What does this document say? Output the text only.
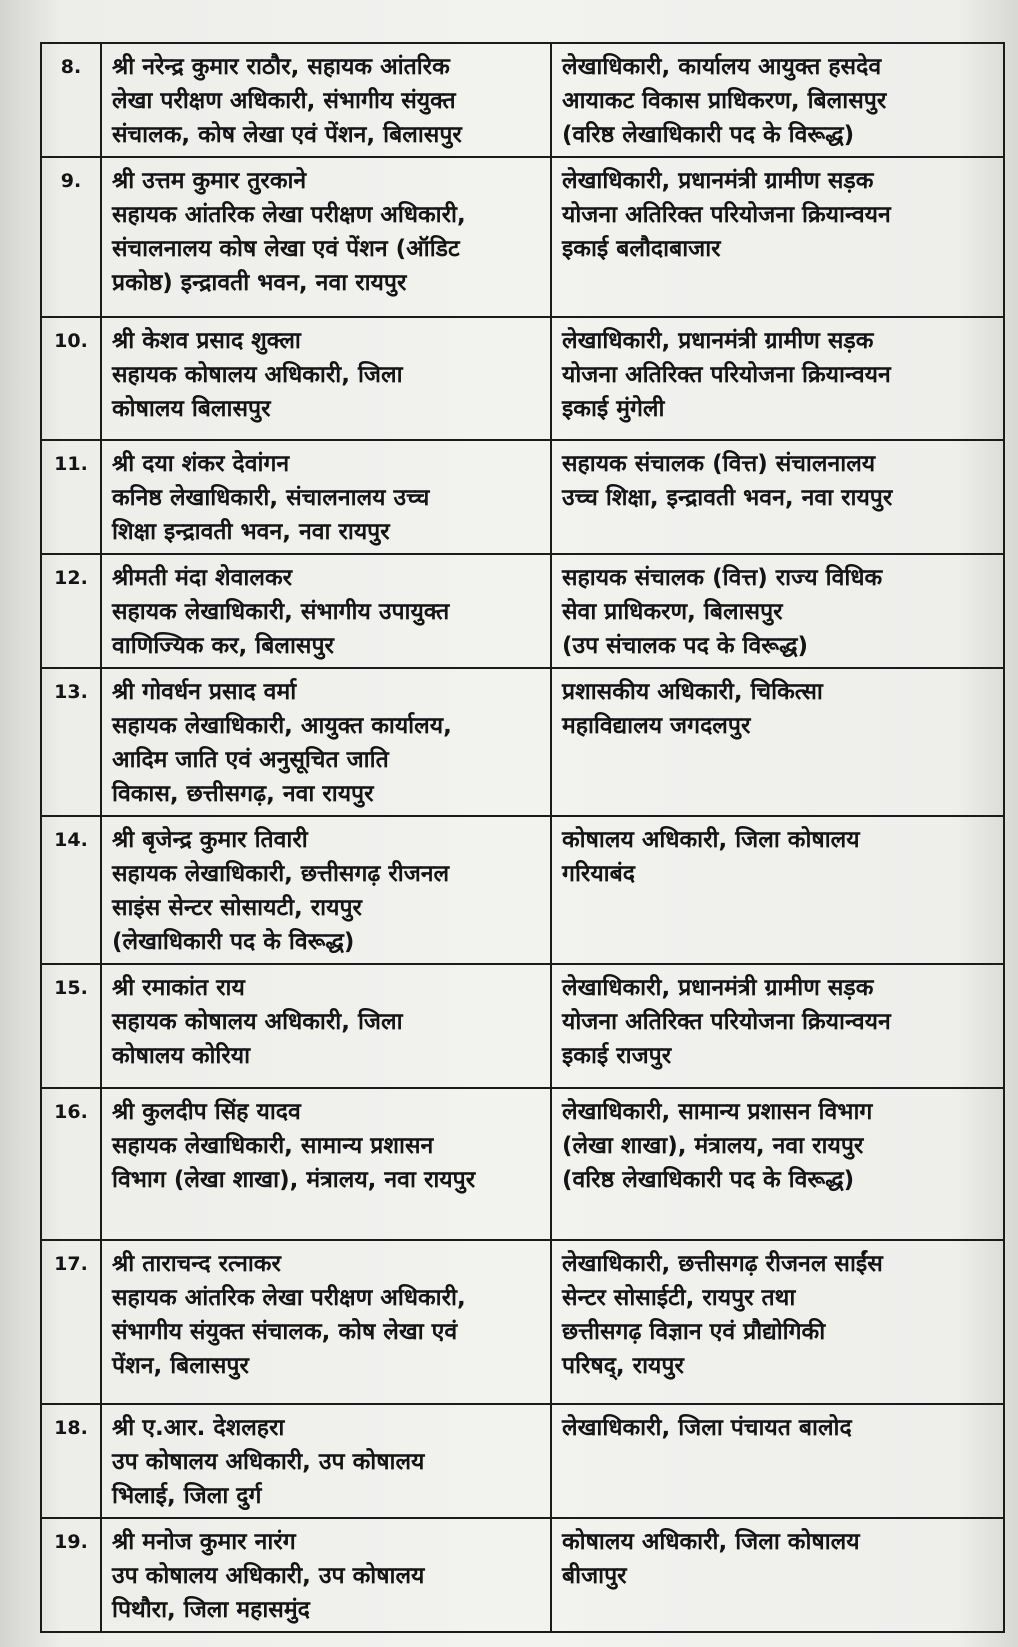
8.	श्री नरेन्द्र कुमार राठौर, सहायक आंतरिक
लेखा परीक्षण अधिकारी, संभागीय संयुक्त
संचालक, कोष लेखा एवं पेंशन, बिलासपुर	लेखाधिकारी, कार्यालय आयुक्त हसदेव
आयाकट विकास प्राधिकरण, बिलासपुर
(वरिष्ठ लेखाधिकारी पद के विरूद्ध)

9.	श्री उत्तम कुमार तुरकाने
सहायक आंतरिक लेखा परीक्षण अधिकारी,
संचालनालय कोष लेखा एवं पेंशन (ऑडिट
प्रकोष्ठ) इन्द्रावती भवन, नवा रायपुर	लेखाधिकारी, प्रधानमंत्री ग्रामीण सड़क
योजना अतिरिक्त परियोजना क्रियान्वयन
इकाई बलौदाबाजार

10.	श्री केशव प्रसाद शुक्ला
सहायक कोषालय अधिकारी, जिला
कोषालय बिलासपुर	लेखाधिकारी, प्रधानमंत्री ग्रामीण सड़क
योजना अतिरिक्त परियोजना क्रियान्वयन
इकाई मुंगेली

11.	श्री दया शंकर देवांगन
कनिष्ठ लेखाधिकारी, संचालनालय उच्च
शिक्षा इन्द्रावती भवन, नवा रायपुर	सहायक संचालक (वित्त) संचालनालय
उच्च शिक्षा, इन्द्रावती भवन, नवा रायपुर

12.	श्रीमती मंदा शेवालकर
सहायक लेखाधिकारी, संभागीय उपायुक्त
वाणिज्यिक कर, बिलासपुर	सहायक संचालक (वित्त) राज्य विधिक
सेवा प्राधिकरण, बिलासपुर
(उप संचालक पद के विरूद्ध)

13.	श्री गोवर्धन प्रसाद वर्मा
सहायक लेखाधिकारी, आयुक्त कार्यालय,
आदिम जाति एवं अनुसूचित जाति
विकास, छत्तीसगढ़, नवा रायपुर	प्रशासकीय अधिकारी, चिकित्सा
महाविद्यालय जगदलपुर

14.	श्री बृजेन्द्र कुमार तिवारी
सहायक लेखाधिकारी, छत्तीसगढ़ रीजनल
साइंस सेन्टर सोसायटी, रायपुर
(लेखाधिकारी पद के विरूद्ध)	कोषालय अधिकारी, जिला कोषालय
गरियाबंद

15.	श्री रमाकांत राय
सहायक कोषालय अधिकारी, जिला
कोषालय कोरिया	लेखाधिकारी, प्रधानमंत्री ग्रामीण सड़क
योजना अतिरिक्त परियोजना क्रियान्वयन
इकाई राजपुर

16.	श्री कुलदीप सिंह यादव
सहायक लेखाधिकारी, सामान्य प्रशासन
विभाग (लेखा शाखा), मंत्रालय, नवा रायपुर	लेखाधिकारी, सामान्य प्रशासन विभाग
(लेखा शाखा), मंत्रालय, नवा रायपुर
(वरिष्ठ लेखाधिकारी पद के विरूद्ध)

17.	श्री ताराचन्द रत्नाकर
सहायक आंतरिक लेखा परीक्षण अधिकारी,
संभागीय संयुक्त संचालक, कोष लेखा एवं
पेंशन, बिलासपुर	लेखाधिकारी, छत्तीसगढ़ रीजनल साईंस
सेन्टर सोसाईटी, रायपुर तथा
छत्तीसगढ़ विज्ञान एवं प्रौद्योगिकी
परिषद्, रायपुर

18.	श्री ए.आर. देशलहरा
उप कोषालय अधिकारी, उप कोषालय
भिलाई, जिला दुर्ग	लेखाधिकारी, जिला पंचायत बालोद

19.	श्री मनोज कुमार नारंग
उप कोषालय अधिकारी, उप कोषालय
पिथौरा, जिला महासमुंद	कोषालय अधिकारी, जिला कोषालय
बीजापुर
